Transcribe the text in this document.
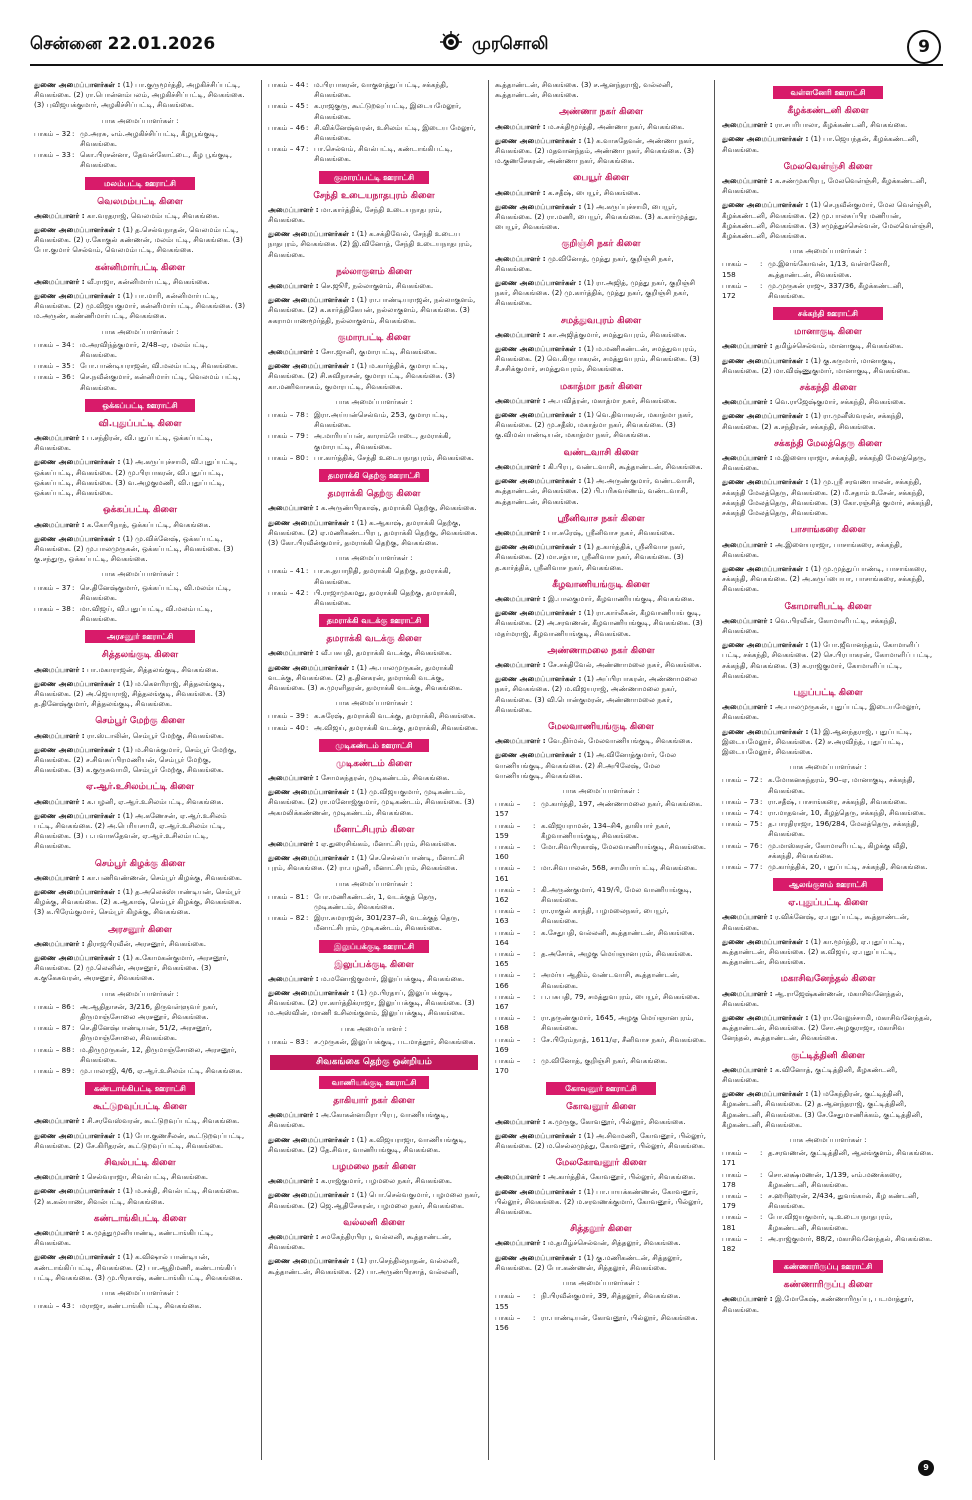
சென்னை 22.01.2026	முரசொலி	9
துணை அமைப்பாளர்கள் : (1) பா.குருமூர்த்தி, அழகிச்சிப்பட்டி, சிவகங்கை. (2) ரா.பொன்னம்பலம், அழகிச்சிப்பட்டி, சிவகங்கை. (3) புவிஜயக்குமார், அழகிச்சிப்பட்டி, சிவகங்கை.
பாக அமைப்பாளர்கள் :
பாகம் – 32 : மு.அரசு, எம்.அழகிச்சிப்பட்டி, கீழபூங்குடி, சிவகங்கை.
பாகம் – 33 : கொ.பிரசன்னா, தேவன்கோட்டை, கீழ பூங்குடி, சிவகங்கை.
மலம்பட்டி ஊராட்சி
வெலமம்பட்டி கிளை
அமைப்பாளர் : கா.வரதராஜ், வெலமம்பட்டி, சிவகங்கை.
துணை அமைப்பாளர்கள் : (1) த.செல்வநாதன், வெலமம்பட்டி, சிவகங்கை. (2) ர.கோகுல் கண்ணன், மலம்பட்டி, சிவகங்கை. (3) போ.குமார் செல்வம், வெலமம்பட்டி, சிவகங்கை.
கன்னிமார்பட்டி கிளை
அமைப்பாளர் : வீ.ராஜா, கன்னிமார்பட்டி, சிவகங்கை.
துணை அமைப்பாளர்கள் : (1) பா.மாரி, கன்னிமார்பட்டி, சிவகங்கை. (2) மு.விஜயகுமார், கன்னிமார்பட்டி, சிவகங்கை. (3) ம.அருண், கண்ணிமார்பட்டி, சிவகங்கை.
பாக அமைப்பாளர்கள் :
பாகம் – 34 : ம.அரவிந்த்குமார், 2/48–ஏ, மலம்பட்டி, சிவகங்கை.
பாகம் – 35 : போ.பாண்டியராஜன், வி.மலம்பட்டி, சிவகங்கை.
பாகம் – 36 : செ.நவீன்குமார், கன்னிமார்பட்டி, வெலமம் பட்டி, சிவகங்கை.
ஒக்கப்பட்டி ஊராட்சி
வி.புதுப்பட்டி கிளை
அமைப்பாளர் : ப.சந்திரன், வி.புதுப்பட்டி, ஒக்கப்பட்டி, சிவகங்கை.
துணை அமைப்பாளர்கள் : (1) அ.கருப்புச்சாமி, வி.புதுப்பட்டி, ஒக்கப்பட்டி, சிவகங்கை. (2) மு.பிரபாகரன், வி.புதுப்பட்டி, ஒக்கப்பட்டி, சிவகங்கை. (3) வ.அழகுமணி, வி.புதுப்பட்டி, ஒக்கப்பட்டி, சிவகங்கை.
ஒக்கப்பட்டி கிளை
அமைப்பாளர் : க.கோபிநாத், ஒக்கப்பட்டி, சிவகங்கை.
துணை அமைப்பாளர்கள் : (1) மு.விக்னேஷ், ஒக்கப்பட்டி, சிவகங்கை. (2) மு.பாலமுருகன், ஒக்கப்பட்டி, சிவகங்கை. (3) கு.சந்துரு, ஒக்கப்பட்டி, சிவகங்கை.
பாக அமைப்பாளர்கள் :
பாகம் – 37 : செ.தினேஷ்குமார், ஒக்கப்பட்டி, வி.மலம்பட்டி, சிவகங்கை.
பாகம் – 38 : மா.விஜய், வி.புதுப்பட்டி, வி.மலம்பட்டி, சிவகங்கை.
அரசனூர் ஊராட்சி
சித்தலங்குடி கிளை
அமைப்பாளர் : பா.மகாராஜன், சித்தலங்குடி, சிவகங்கை.
துணை அமைப்பாளர்கள் : (1) ம.கௌரிராஜ், சித்தலங்குடி, சிவகங்கை. (2) அ.ஜெயராஜ், சித்தலங்குடி, சிவகங்கை. (3) த.தினேஷ்குமார், சித்தலங்குடி, சிவகங்கை.
செம்பூர் மேற்கு கிளை
அமைப்பாளர் : ரா.ஸ்டாலின், செம்பூர் மேற்கு, சிவகங்கை.
துணை அமைப்பாளர்கள் : (1) ம.சிவக்குமார், செம்பூர் மேற்கு, சிவகங்கை. (2) ச.சிவசுப்பிரமணியன், செம்பூர் மேற்கு, சிவகங்கை. (3) க.குருசுவாமி, செம்பூர் மேற்கு, சிவகங்கை.
ஏ.ஆர்.உசிலம்பட்டி கிளை
அமைப்பாளர் : க.பழனி, ஏ.ஆர்.உசிலம்பட்டி, சிவகங்கை.
துணை அமைப்பாளர்கள் : (1) அ.கணேசன், ஏ.ஆர்.உசிலம் பட்டி, சிவகங்கை. (2) அ.பெரியசாமி, ஏ.ஆர்.உசிலம்பட்டி, சிவகங்கை. (3) ப.பவாசுதேவன், ஏ.ஆர்.உசிலம்பட்டி, சிவகங்கை.
செம்பூர் கிழக்கு கிளை
அமைப்பாளர் : கா.பணிவண்ணன், செம்பூர் கிழக்கு, சிவகங்கை.
துணை அமைப்பாளர்கள் : (1) த.அலெக்ஸ்பாண்டியன், செம்பூர் கிழக்கு, சிவகங்கை. (2) க.ஆகாஷ், செம்பூர் கிழக்கு, சிவகங்கை. (3) க.பிரேம்குமார், செம்பூர் கிழக்கு, சிவகங்கை.
அரசனூர் கிளை
அமைப்பாளர் : திராஜபிரவீன், அரசனூர், சிவகங்கை.
துணை அமைப்பாளர்கள் : (1) க.கோமகன்குமார், அரசனூர், சிவகங்கை. (2) மு.லெனின், அரசனூர், சிவகங்கை. (3) க.குகேசுவரன், அரசனூர், சிவகங்கை.
பாக அமைப்பாளர்கள் :
பாகம் – 86 : அ.ஆதிதாசன், 3/216, திருவள்ளுவர் நகர், திருமாஞ்சோலை அரசனூர், சிவகங்கை.
பாகம் – 87 : செ.தினேஷ்பாண்டியன், 51/2, அரசனூர், திருமாஞ்சோலை, சிவகங்கை.
பாகம் – 88 : ம.திருமுருகன், 12, திருமாஞ்சோலை, அரசனூர், சிவகங்கை.
பாகம் – 89 : மு.பாலாஜி, 4/6, ஏ.ஆர்.உசிலம்பட்டி, சிவகங்கை.
கண்டாங்கிபட்டி ஊராட்சி
கூட்டுறவுப்பட்டி கிளை
அமைப்பாளர் : சி.சரவேஸ்வரன், கூட்டுறவுப்பட்டி, சிவகங்கை.
துணை அமைப்பாளர்கள் : (1) போ.குணசீலன், கூட்டுறவுப்பட்டி, சிவகங்கை. (2) சே.கிரிதரன், கூட்டுறவுப்பட்டி, சிவகங்கை.
சிவல்பட்டி கிளை
அமைப்பாளர் : செல்வராஜா, சிவல்பட்டி, சிவகங்கை.
துணை அமைப்பாளர்கள் : (1) ம.சக்தி, சிவல்பட்டி, சிவகங்கை. (2) க.கல்யாண, சிவல்பட்டி, சிவகங்கை.
கண்டாங்கிபட்டி கிளை
அமைப்பாளர் : க.முத்துமுனியாண்டி, கண்டாங்கிபட்டி, சிவகங்கை.
துணை அமைப்பாளர்கள் : (1) க.விஷால் பாண்டியன், கண்டாங்கிப்பட்டி, சிவகங்கை. (2) பா.ஆதிமணி, கண்டாங்கிப் பட்டி, சிவகங்கை. (3) மு.பிரகாஷ், கண்டாங்கிபட்டி, சிவகங்கை.
பாக அமைப்பாளர்கள் :
பாகம் – 43 : மராஜா, கண்டாங்கிபட்டி, சிவகங்கை.
பாகம் – 44 : ம.பிரபாகரன், வாகுளத்துப்பட்டி, சக்கந்தி, சிவகங்கை.
பாகம் – 45 : க.ராஜகுரு, கூட்டுறவுப்பட்டி, இடையமேலூர், சிவகங்கை.
பாகம் – 46 : சி.விக்னேஷ்வரன், உசிலம்பட்டி, இடைய மேலூர், சிவகங்கை.
பாகம் – 47 : பா.செல்வம், சிவல்பட்டி, கண்டாங்கிபட்டி, சிவகங்கை.
குமாரப்பட்டி ஊராட்சி
சேந்தி உடையநாதபுரம் கிளை
அமைப்பாளர் : மா.கார்த்திக், சேந்தி உடையநாதபுரம், சிவகங்கை.
துணை அமைப்பாளர்கள் : (1) க.சக்திவேல், சேந்தி உடைய நாதபுரம், சிவகங்கை. (2) இ.வினோத், சேந்தி உடையநாதபுரம், சிவகங்கை.
நல்லாகுளம் கிளை
அமைப்பாளர் : செ.ஜூரீ, நல்லாகுளம், சிவகங்கை.
துணை அமைப்பாளர்கள் : (1) ரா.பாண்டியராஜன், நல்லாகுளம், சிவகங்கை. (2) க.கார்த்திகேயன், நல்லாகுளம், சிவகங்கை. (3) சுகராமபாணமூர்த்தி, நல்லாகுளம், சிவகங்கை.
குமாரபட்டி கிளை
அமைப்பாளர் : சோ.ஜானி, குமாரபட்டி, சிவகங்கை.
துணை அமைப்பாளர்கள் : (1) ம.கார்த்திக், குமாரபட்டி, சிவகங்கை. (2) சி.சுவிநாசன், குமாரபட்டி, சிவகங்கை. (3) கா.மணிவாசகம், குமாரபட்டி, சிவகங்கை.
பாக அமைப்பாளர்கள் :
பாகம் – 78 : இரா.அய்யன்செல்வம், 253, குமாரபட்டி, சிவகங்கை.
பாகம் – 79 : அ.மாரியப்பன், காராம்போடை, தமராக்கி, குமாரபட்டி, சிவகங்கை.
பாகம் – 80 : பா.கார்த்திக், சேந்தி உடையநாதபுரம், சிவகங்கை.
தமராக்கி தெற்கு ஊராட்சி
தமராக்கி தெற்கு கிளை
அமைப்பாளர் : க.அருண்பிரகாஷ், தமராக்கி தெற்கு, சிவகங்கை.
துணை அமைப்பாளர்கள் : (1) க.ஆகாஷ், தமராக்கி தெற்கு, சிவகங்கை. (2) ஏ.மணிகண்டபிரபு, தமராக்கி தெற்கு, சிவகங்கை. (3) கோ.பிரவீன்குமார், தமராக்கி தெற்கு, சிவகங்கை.
பாக அமைப்பாளர்கள் :
பாகம் – 41 : பா.சு.தயாநிதி, தமராக்கி தெற்கு, தமராக்கி, சிவகங்கை.
பாகம் – 42 : பி.ராஜாமுகமது, தமராக்கி தெற்கு, தமராக்கி, சிவகங்கை.
தமராக்கி வடக்கு ஊராட்சி
தமராக்கி வடக்கு கிளை
அமைப்பாளர் : வீ.பசுபதி, தமராக்கி வடக்கு, சிவகங்கை.
துணை அமைப்பாளர்கள் : (1) அ.பாலமுருகன், தமராக்கி வடக்கு, சிவகங்கை. (2) த.தினகரன், தமராக்கி வடக்கு, சிவகங்கை. (3) சு.முரளிதரன், தமராக்கி வடக்கு, சிவகங்கை.
பாக அமைப்பாளர்கள் :
பாகம் – 39 : க.சுரேஷ், தமராக்கி வடக்கு, தமராக்கி, சிவகங்கை.
பாகம் – 40 : அ.விஜய், தமராக்கி வடக்கு, தமராக்கி, சிவகங்கை.
முடிகண்டம் ஊராட்சி
முடிகண்டம் கிளை
அமைப்பாளர் : சோமசுந்தரன், முடிகண்டம், சிவகங்கை.
துணை அமைப்பாளர்கள் : (1) மு.விஜயகுமார், முடிகண்டம், சிவகங்கை. (2) ரா.மனோஜ்குமார், முடிகண்டம், சிவகங்கை. (3) அகமலிக்கண்ணன், முடிகண்டம், சிவகங்கை.
மீனாட்சிபுரம் கிளை
அமைப்பாளர் : ஏ.துரைசிங்கம், மீனாட்சிபுரம், சிவகங்கை.
துணை அமைப்பாளர்கள் : (1) செ.செல்லப்பாண்டி, மீனாட்சி புரம், சிவகங்கை. (2) ரா.பழனி, மீனாட்சிபுரம், சிவகங்கை.
பாக அமைப்பாளர்கள் :
பாகம் – 81 : போ.மணிகண்டன், 1, வடக்குத் தெரு, முடிகண்டம், சிவகங்கை.
பாகம் – 82 : இரா.சுமராஜன், 301/237–சி, வடக்குத் தெரு, மீனாட்சிபுரம், முடிகண்டம், சிவகங்கை.
இலுப்பக்குடி ஊராட்சி
இலுப்பக்குடி கிளை
அமைப்பாளர் : ம.மனோஜ்குமார், இலுப்பக்குடி, சிவகங்கை.
துணை அமைப்பாளர்கள் : (1) மு.பிரதாப், இலுப்பக்குடி, சிவகங்கை. (2) ரா.கார்த்திக்ராஜா, இலுப்பக்குடி, சிவகங்கை. (3) ம.அஸ்வின், மாணி உசிலங்குளம், இலுப்பக்குடி, சிவகங்கை.
பாக அமைப்பாளர் :
பாகம் – 83 : ச.முருகன், இலுப்பக்குடி, படமாத்தூர், சிவகங்கை.
சிவகங்கை தெற்கு ஒன்றியம்
வாணியங்குடி ஊராட்சி
தாகியார் நகர் கிளை
அமைப்பாளர் : அ.கோகன்னமிரா பிரபு, வாணியங்குடி, சிவகங்கை.
துணை அமைப்பாளர்கள் : (1) க.விஜயராஜா, வாணியங்குடி, சிவகங்கை. (2) தே.சிவா, வாணியங்குடி, சிவகங்கை.
பழமலை நகர் கிளை
அமைப்பாளர் : க.ராஜ்குமார், பழமலை நகர், சிவகங்கை.
துணை அமைப்பாளர்கள் : (1) பொ.செல்வகுமார், பழமலை நகர், சிவகங்கை. (2) ஜெ.ஆதிசேகரன், பழமலை நகர், சிவகங்கை.
வல்லனி கிளை
அமைப்பாளர் : சமகேந்திரபிரபு, வல்லனி, கூத்தாண்டன், சிவகங்கை.
துணை அமைப்பாளர்கள் : (1) ரா.செந்திலநாதன், வல்லனி, கூத்தாண்டன், சிவகங்கை. (2) பா.அருண்பிரசாத், வல்லனி,
கூத்தாண்டன், சிவகங்கை. (3) ச.ஆனந்தராஜ், வல்லனி, கூத்தாண்டன், சிவகங்கை.
அண்ணா நகர் கிளை
அமைப்பாளர் : ம.சக்திமூர்த்தி, அண்ணா நகர், சிவகங்கை.
துணை அமைப்பாளர்கள் : (1) க.வாசுதேவன், அண்ணா நகர், சிவகங்கை. (2) மதவானந்தம், அண்ணா நகர், சிவகங்கை. (3) ம.குணசேகரன், அண்ணா நகர், சிவகங்கை.
பையூர் கிளை
அமைப்பாளர் : க.சதீஷ், பையூர், சிவகங்கை.
துணை அமைப்பாளர்கள் : (1) அ.கருப்புச்சாமி, பையூர், சிவகங்கை. (2) ரா.மணி, பையூர், சிவகங்கை. (3) க.கார்முத்து, பையூர், சிவகங்கை.
குறிஞ்சி நகர் கிளை
அமைப்பாளர் : மு.வினோத், முத்து நகர், குறிஞ்சி நகர், சிவகங்கை.
துணை அமைப்பாளர்கள் : (1) ரா.அஜித், முத்து நகர், குறிஞ்சி நகர், சிவகங்கை. (2) மு.கார்த்திக், முத்து நகர், குறிஞ்சி நகர், சிவகங்கை.
சமத்துவபுரம் கிளை
அமைப்பாளர் : கா.அஜித்குமார், சமத்துவபுரம், சிவகங்கை.
துணை அமைப்பாளர்கள் : (1) ம.மணிகண்டன், சமத்துவபுரம், சிவகங்கை. (2) வெ.கிருபாகரன், சமத்துவபுரம், சிவகங்கை. (3) சீ.சசிக்குமார், சமத்துவபுரம், சிவகங்கை.
மகாத்மா நகர் கிளை
அமைப்பாளர் : அ.பவித்ரன், மகாத்மா நகர், சிவகங்கை.
துணை அமைப்பாளர்கள் : (1) வெ.திவாகரன், மகாத்மா நகர், சிவகங்கை. (2) மு.சதீஸ், மகாத்மா நகர், சிவகங்கை. (3) கு.விமல்பாண்டியன், மகாத்மா நகர், சிவகங்கை.
வண்டவாசி கிளை
அமைப்பாளர் : கி.பிரபு, வண்டவாசி, கூத்தாண்டன், சிவகங்கை.
துணை அமைப்பாளர்கள் : (1) அ.அருண்குமார், வண்டவாசி, கூத்தாண்டன், சிவகங்கை. (2) பி.பரிசுவர்ணம், வண்டவாசி, கூத்தாண்டன், சிவகங்கை.
ஸ்ரீனிவாச நகர் கிளை
அமைப்பாளர் : பா.சுரேஷ், ஸ்ரீனிவாச நகர், சிவகங்கை.
துணை அமைப்பாளர்கள் : (1) த.கார்த்திக், ஸ்ரீனிவாச நகர், சிவகங்கை. (2) மா.சத்யா, ஸ்ரீனிவாச நகர், சிவகங்கை. (3) த.கார்த்திக், ஸ்ரீனிவாச நகர், சிவகங்கை.
கீழவாணியங்குடி கிளை
அமைப்பாளர் : இ.பாலகுமார், கீழவாணியங்குடி, சிவகங்கை.
துணை அமைப்பாளர்கள் : (1) ரா.கார்லீகன், கீழவாணியங் குடி, சிவகங்கை. (2) அ.சரவணன், கீழவாணியங்குடி, சிவகங்கை. (3) மதர்மராஜ், கீழவாணியங்குடி, சிவகங்கை.
அண்ணாமலை நகர் கிளை
அமைப்பாளர் : சே.சக்திவேல், அண்ணாமலை நகர், சிவகங்கை.
துணை அமைப்பாளர்கள் : (1) அப்பிரபாகரன், அண்ணாமலை நகர், சிவகங்கை. (2) ம.விஜயராஜ், அண்ணாமலை நகர், சிவகங்கை. (3) வி.பொன்குமரன், அண்ணாமலை நகர், சிவகங்கை.
மேலவாணியங்குடி கிளை
அமைப்பாளர் : வே.நிர்மல், மேலவாணியங்குடி, சிவகங்கை.
துணை அமைப்பாளர்கள் : (1) அ.வினோத்குமார், மேல வாணியங்குடி, சிவகங்கை. (2) சி.அபிலேஷ், மேல வாணியங்குடி, சிவகங்கை.
பாக அமைப்பாளர்கள் :
பாகம் – 157
: மு.கார்த்தி, 197, அண்ணாமலை நகர், சிவகங்கை.
பாகம் – 159
: க.விஜயராமன், 134–சி4, தாகியார் நகர், கீழவாணியங்குடி, சிவகங்கை.
பாகம் – 160
: மோ.சிவபிரகாஷ், மேலவாணியங்குடி, சிவகங்கை.
பாகம் – 161
: மா.சிவபாலன், 568, சாமியார்பட்டி, சிவகங்கை.
பாகம் – 162
: கி.அருண்குமார், 419/பி, மேல வாணியங்குடி, சிவகங்கை.
பாகம் – 163
: ரா.ராகுல் காந்தி, பழமலைநகர், பையூர், சிவகங்கை.
பாகம் – 164
: க.சேதுபதி, வல்லனி, கூத்தாண்டன், சிவகங்கை.
பாகம் – 165
: த.அசோக், அழகு மெய்ஞானபுரம், சிவகங்கை.
பாகம் – 166
: அமர்ய ஆதிம், வண்டவாசி, கூத்தாண்டன், சிவகங்கை.
பாகம் – 167
: ப.பசுபதி, 79, சமத்துவபுரம், பையூர், சிவகங்கை.
பாகம் – 168
: ரா.தருண்குமார், 1645, அழகு மெய்ஞானபுரம், சிவகங்கை.
பாகம் – 169
: சே.பிரேம்நாத், 1611/ஏ, சீனிவாச நகர், சிவகங்கை.
பாகம் – 170
: மு.வினோத், குறிஞ்சி நகர், சிவகங்கை.
கோவனூர் ஊராட்சி
கோவனூர் கிளை
அமைப்பாளர் : க.முருகு, கோவனூர், பில்லூர், சிவகங்கை.
துணை அமைப்பாளர்கள் : (1) அ.சிவமணி, கோவனூர், பில்லூர், சிவகங்கை. (2) ம.செல்லமுத்து, கோவனூர், பில்லூர், சிவகங்கை.
மேலகோவனூர் கிளை
அமைப்பாளர் : அ.கார்த்திக், கோவனூர், பில்லூர், சிவகங்கை.
துணை அமைப்பாளர்கள் : (1) பா.பாயக்கண்ணன், கோவனூர், பில்லூர், சிவகங்கை. (2) ம.சரவணக்குமார், கோவனூர், பில்லூர், சிவகங்கை.
சித்தலூர் கிளை
அமைப்பாளர் : ம.தமிழ்ச்செல்வன், சித்தலூர், சிவகங்கை.
துணை அமைப்பாளர்கள் : (1) கு.மணிகண்டன், சித்தலூர், சிவகங்கை. (2) போ.கண்ணன், சித்தலூர், சிவகங்கை.
பாக அமைப்பாளர்கள் :
பாகம் – 155
: நி.பிரவீன்குமார், 39, சித்தலூர், சிவகங்கை.
பாகம் – 156
: ரா.பாண்டியன், கோவனூர், பில்லூர், சிவகங்கை.
வள்ளனேரி ஊராட்சி
கீழக்கண்டனி கிளை
அமைப்பாளர் : ரா.சபரிபாலா, கீழக்கண்டனி, சிவகங்கை.
துணை அமைப்பாளர்கள் : (1) பா.ஜெயந்தன், கீழக்கண்டனி, சிவகங்கை.
மேலவெள்ஞ்சி கிளை
அமைப்பாளர் : க.சண்முகபிரபு, மேலவெள்ஞ்சி, கீழக்கண்டனி, சிவகங்கை.
துணை அமைப்பாளர்கள் : (1) செ.நவீன்குமார், மேல வெள்ஞ்சி, கீழக்கண்டனி, சிவகங்கை. (2) மு.பாலசுப்பிர மணியன், கீழக்கண்டனி, சிவகங்கை. (3) சமுத்துச்செல்வன், மேலவெள்ஞ்சி, கீழக்கண்டனி, சிவகங்கை.
பாக அமைப்பாளர்கள் :
பாகம் – 158
: மு.இளங்கோவன், 1/13, வள்ளனேரி, கூத்தாண்டன், சிவகங்கை.
பாகம் – 172
: மு.முருகன் ராஜு, 337/36, கீழக்கண்டனி, சிவகங்கை.
சக்கந்தி ஊராட்சி
மானாகுடி கிளை
அமைப்பாளர் : தமிழ்ச்செல்வம், மானாகுடி, சிவகங்கை.
துணை அமைப்பாளர்கள் : (1) கு.கருமார், மானாகுடி, சிவகங்கை. (2) மா.விஷ்ணுகுமார், மானாகுடி, சிவகங்கை.
சக்கந்தி கிளை
அமைப்பாளர் : வெ.ராஜேஷ்குமார், சக்கந்தி, சிவகங்கை.
துணை அமைப்பாளர்கள் : (1) ரா.முனீஸ்வரன், சக்கந்தி, சிவகங்கை. (2) க.சந்திரன், சக்கந்தி, சிவகங்கை.
சக்கந்தி மேலத்தெரு கிளை
அமைப்பாளர் : ம.இளையராஜா, சக்கந்தி, சக்கந்தி மேலத்தெரு, சிவகங்கை.
துணை அமைப்பாளர்கள் : (1) மு.ஸ்ரீ சரவணபாலன், சக்கந்தி, சக்கந்தி மேலத்தெரு, சிவகங்கை. (2) மீ.சதாம் உசேன், சக்கந்தி, சக்கந்தி மேலத்தெரு, சிவகங்கை. (3) கோ.ரஞ்சித் குமார், சக்கந்தி, சக்கந்தி மேலத்தெரு, சிவகங்கை.
பாசாங்கரை கிளை
அமைப்பாளர் : அ.இளையராஜா, பாசாங்கரை, சக்கந்தி, சிவகங்கை.
துணை அமைப்பாளர்கள் : (1) மு.முத்துப்பாண்டி, பாசாங்கரை, சக்கந்தி, சிவகங்கை. (2) அ.கருப்பையா, பாசாங்கரை, சக்கந்தி, சிவகங்கை.
கோமாளிபட்டி கிளை
அமைப்பாளர் : வெ.பிரவீன், கோமாளிபட்டி, சக்கந்தி, சிவகங்கை.
துணை அமைப்பாளர்கள் : (1) போ.ஜீவானந்தம், கோமாளிப் பட்டி, சக்கந்தி, சிவகங்கை. (2) செ.பிரபாகரன், கோமாளிப் பட்டி, சக்கந்தி, சிவகங்கை. (3) சு.ராஜ்குமார், கோமாளிப்பட்டி, சிவகங்கை.
புதுப்பட்டி கிளை
அமைப்பாளர் : அ.பாலமுருகன், புதுப்பட்டி, இடையமேலூர், சிவகங்கை.
துணை அமைப்பாளர்கள் : (1) இ.ஆனந்தராஜ், புதுப்பட்டி, இடையமேலூர், சிவகங்கை. (2) ச.அரவிந்த், புதுப்பட்டி, இடையமேலூர், சிவகங்கை.
பாக அமைப்பாளர்கள் :
பாகம் – 72 : க.மோகனசுந்தரம், 90–ஏ, மானாகுடி, சக்கந்தி, சிவகங்கை.
பாகம் – 73 : ரா.சதீஷ், பாசாங்கரை, சக்கந்தி, சிவகங்கை.
பாகம் – 74 : ரா.மாதவன், 10, கீழத்தெரு, சக்கந்தி, சிவகங்கை.
பாகம் – 75 : த.பாரதிராஜா, 196/284, மேலத்தெரு, சக்கந்தி, சிவகங்கை.
பாகம் – 76 : மு.மாஸ்கரன், கோமாளிபட்டி, கிழக்கு வீதி, சக்கந்தி, சிவகங்கை.
பாகம் – 77 : மு.கார்த்திக், 20, புதுப்பட்டி, சக்கந்தி, சிவகங்கை.
ஆலங்குளம் ஊராட்சி
ஏ.புதுப்பட்டி கிளை
அமைப்பாளர் : ர.விக்னேஷ், ஏ.புதுப்பட்டி, கூத்தாண்டன், சிவகங்கை.
துணை அமைப்பாளர்கள் : (1) கா.மூர்த்தி, ஏ.புதுப்பட்டி, கூத்தாண்டன், சிவகங்கை. (2) க.விஜய், ஏ.புதுப்பட்டி, கூத்தாண்டன், சிவகங்கை.
மகாசிவனேந்தல் கிளை
அமைப்பாளர் : ஆ.ராஜேஷ்கண்ணன், மகாசிவனேந்தல், சிவகங்கை.
துணை அமைப்பாளர்கள் : (1) ரா.வேலுச்சாமி, மகாசிவனேந்தல், கூத்தாண்டன், சிவகங்கை. (2) சோ.அழகுராஜா, மகாசிவ னேந்தல், கூத்தாண்டன், சிவகங்கை.
குட்டித்தினி கிளை
அமைப்பாளர் : க.வினோத், குட்டித்தினி, கீழகண்டனி, சிவகங்கை.
துணை அமைப்பாளர்கள் : (1) மகேந்திரன், குட்டித்தினி, கீழகண்டனி, சிவகங்கை. (2) த.ஆனந்தராஜ், குட்டித்தினி, கீழகண்டனி, சிவகங்கை. (3) சே.சேதுமாணிக்கம், குட்டித்தினி, கீழகண்டனி, சிவகங்கை.
பாக அமைப்பாளர்கள் :
பாகம் – 171
: த.சரவணன், குட்டித்தினி, ஆலங்குளம், சிவகங்கை.
பாகம் – 178
: சொ.லக்ஷ்மணன், 1/139, எம்.மணக்கரை, கீழகண்டனி, சிவகங்கை.
பாகம் – 179
: ச.ஹரிஹரன், 2/434, துவங்கால், கீழ கண்டனி, சிவகங்கை.
பாகம் – 181
: போ.விஜயகுமார், டி.உடையநாதபுரம், கீழகண்டனி, சிவகங்கை.
பாகம் – 182
: அ.ராஜ்குமார், 88/2, மகாசிவனேந்தல், சிவகங்கை.
கண்ணாரிருப்பு ஊராட்சி
கண்ணாரிருப்பு கிளை
அமைப்பாளர் : இ.மோகேஷ், கண்ணாரிருப்பு, படமாத்தூர், சிவகங்கை.
9
